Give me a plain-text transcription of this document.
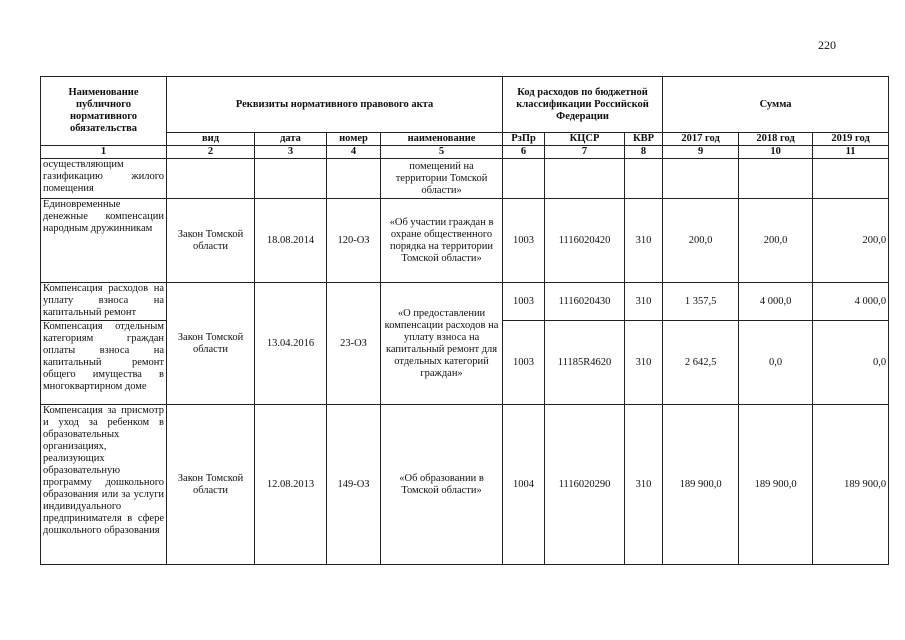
220
Наименование публичного нормативного обязательства	Реквизиты нормативного правового акта				Код расходов по бюджетной классификации Российской Федерации			Сумма		
	вид	дата	номер	наименование	РзПр	КЦСР	КВР	2017 год	2018 год	2019 год
1	2	3	4	5	6	7	8	9	10	11
осуществляющим газификацию жилого помещения				помещений на территории Томской области»						
Единовременные денежные компенсации народным дружинникам	Закон Томской области	18.08.2014	120-ОЗ	«Об участии граждан в охране общественного порядка на территории Томской области»	1003	1116020420	310	200,0	200,0	200,0
Компенсация расходов на уплату взноса на капитальный ремонт	Закон Томской области	13.04.2016	23-ОЗ	«О предоставлении компенсации расходов на уплату взноса на капитальный ремонт для отдельных категорий граждан»	1003	1116020430	310	1 357,5	4 000,0	4 000,0
Компенсация отдельным категориям граждан оплаты взноса на капитальный ремонт общего имущества в многоквартирном доме					1003	11185R4620	310	2 642,5	0,0	0,0
Компенсация за присмотр и уход за ребенком в образовательных организациях, реализующих образовательную программу дошкольного образования или за услуги индивидуального предпринимателя в сфере дошкольного образования	Закон Томской области	12.08.2013	149-ОЗ	«Об образовании в Томской области»	1004	1116020290	310	189 900,0	189 900,0	189 900,0
